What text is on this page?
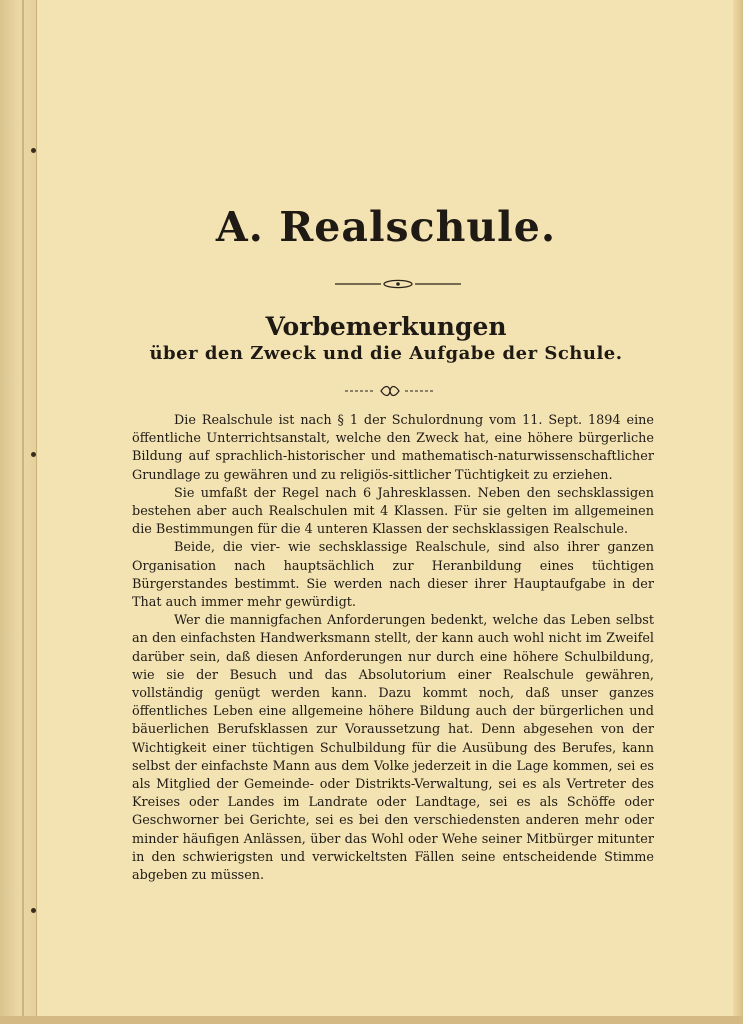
A. Realschule.
Vorbemerkungen
über den Zweck und die Aufgabe der Schule.

Die Realschule ist nach § 1 der Schulordnung vom 11. Sept. 1894 eine öffentliche Unterrichtsanstalt, welche den Zweck hat, eine höhere bürgerliche Bildung auf sprachlich-historischer und mathematisch-naturwissenschaftlicher Grundlage zu gewähren und zu religiös-sittlicher Tüchtigkeit zu erziehen.

Sie umfaßt der Regel nach 6 Jahresklassen. Neben den sechsklassigen bestehen aber auch Realschulen mit 4 Klassen. Für sie gelten im allgemeinen die Bestimmungen für die 4 unteren Klassen der sechsklassigen Realschule.

Beide, die vier- wie sechsklassige Realschule, sind also ihrer ganzen Organisation nach hauptsächlich zur Heranbildung eines tüchtigen Bürgerstandes bestimmt. Sie werden nach dieser ihrer Hauptaufgabe in der That auch immer mehr gewürdigt.

Wer die mannigfachen Anforderungen bedenkt, welche das Leben selbst an den einfachsten Handwerksmann stellt, der kann auch wohl nicht im Zweifel darüber sein, daß diesen Anforderungen nur durch eine höhere Schulbildung, wie sie der Besuch und das Absolutorium einer Realschule gewähren, vollständig genügt werden kann. Dazu kommt noch, daß unser ganzes öffentliches Leben eine allgemeine höhere Bildung auch der bürgerlichen und bäuerlichen Berufsklassen zur Voraussetzung hat. Denn abgesehen von der Wichtigkeit einer tüchtigen Schulbildung für die Ausübung des Berufes, kann selbst der einfachste Mann aus dem Volke jederzeit in die Lage kommen, sei es als Mitglied der Gemeinde- oder Distrikts-Verwaltung, sei es als Vertreter des Kreises oder Landes im Landrate oder Landtage, sei es als Schöffe oder Geschworner bei Gerichte, sei es bei den verschiedensten anderen mehr oder minder häufigen Anlässen, über das Wohl oder Wehe seiner Mitbürger mitunter in den schwierigsten und verwickeltsten Fällen seine entscheidende Stimme abgeben zu müssen.
